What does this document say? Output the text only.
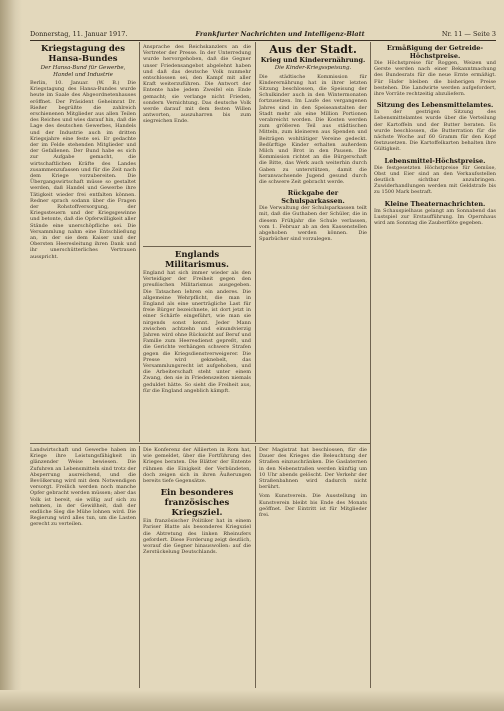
Donnerstag, 11. Januar 1917.	Frankfurter Nachrichten und Intelligenz-Blatt	Nr. 11 — Seite 3
Kriegstagung des Hansa-Bundes
Der Hansa-Bund für Gewerbe, Handel und Industrie
Berlin, 10. Januar. (W. B.) Die Kriegstagung des Hansa-Bundes wurde heute im Saale des Abgeordnetenhauses eröffnet. Der Präsident Geheimrat Dr. Rießer begrüßte die zahlreich erschienenen Mitglieder aus allen Teilen des Reiches und wies darauf hin, daß die Lage des deutschen Gewerbes, Handels und der Industrie auch im dritten Kriegsjahre eine feste sei. Er gedachte der im Felde stehenden Mitglieder und der Gefallenen. Der Bund habe es sich zur Aufgabe gemacht, die wirtschaftlichen Kräfte des Landes zusammenzufassen und für die Zeit nach dem Kriege vorzubereiten. Die Übergangswirtschaft müsse so gestaltet werden, daß Handel und Gewerbe ihre Tätigkeit wieder frei entfalten können. Redner sprach sodann über die Fragen der Rohstoffversorgung, der Kriegssteuern und der Kriegsgewinne und betonte, daß die Opferwilligkeit aller Stände eine unerschöpfliche sei. Die Versammlung nahm eine Entschließung an, in der sie dem Kaiser und der Obersten Heeresleitung ihren Dank und ihr unerschütterliches Vertrauen ausspricht.
Ansprache des Reichskanzlers an die Vertreter der Presse. In der Unterredung wurde hervorgehoben, daß die Gegner unser Friedensangebot abgelehnt haben und daß das deutsche Volk nunmehr entschlossen sei, den Kampf mit aller Kraft weiterzuführen. Die Antwort der Entente habe jedem Zweifel ein Ende gemacht; sie verlange nicht Frieden, sondern Vernichtung. Das deutsche Volk werde darauf mit dem festen Willen antworten, auszuharren bis zum siegreichen Ende.
Englands Militarismus.
England hat sich immer wieder als den Verteidiger der Freiheit gegen den preußischen Militarismus ausgegeben. Die Tatsachen lehren ein anderes. Die allgemeine Wehrpflicht, die man in England als eine unerträgliche Last für freie Bürger bezeichnete, ist dort jetzt in einer Schärfe eingeführt, wie man sie nirgends sonst kennt. Jeder Mann zwischen achtzehn und einundvierzig Jahren wird ohne Rücksicht auf Beruf und Familie zum Heeresdienst gepreßt, und die Gerichte verhängen schwere Strafen gegen die Kriegsdienstverweigerer. Die Presse wird geknebelt, das Versammlungsrecht ist aufgehoben, und die Arbeiterschaft steht unter einem Zwang, den sie in Friedenszeiten niemals geduldet hätte. So sieht die Freiheit aus, für die England angeblich kämpft.
Aus der Stadt.
Krieg und Kinderernährung.
Die Kinder-Kriegsspeisung.
Die städtische Kommission für Kinderernährung hat in ihrer letzten Sitzung beschlossen, die Speisung der Schulkinder auch in den Wintermonaten fortzusetzen. Im Laufe des vergangenen Jahres sind in den Speiseanstalten der Stadt mehr als eine Million Portionen verabreicht worden. Die Kosten werden zum größeren Teil aus städtischen Mitteln, zum kleineren aus Spenden und Beiträgen wohltätiger Vereine gedeckt. Bedürftige Kinder erhalten außerdem Milch und Brot in den Pausen. Die Kommission richtet an die Bürgerschaft die Bitte, das Werk auch weiterhin durch Gaben zu unterstützen, damit die heranwachsende Jugend gesund durch die schwere Zeit gebracht werde.
Rückgabe der Schulsparkassen.
Die Verwaltung der Schulsparkassen teilt mit, daß die Guthaben der Schüler, die in diesem Frühjahr die Schule verlassen, vom 1. Februar ab an den Kassenstellen abgehoben werden können. Die Sparbücher sind vorzulegen.
Ermäßigung der Getreide-Höchstpreise.
Die Höchstpreise für Roggen, Weizen und Gerste werden nach einer Bekanntmachung des Bundesrats für die neue Ernte ermäßigt. Für Hafer bleiben die bisherigen Preise bestehen. Die Landwirte werden aufgefordert, ihre Vorräte rechtzeitig abzuliefern.
Sitzung des Lebensmittelamtes.
In der gestrigen Sitzung des Lebensmittelamtes wurde über die Verteilung der Kartoffeln und der Butter beraten. Es wurde beschlossen, die Butterration für die nächste Woche auf 60 Gramm für den Kopf festzusetzen. Die Kartoffelkarten behalten ihre Gültigkeit.
Lebensmittel-Höchstpreise.
Die festgesetzten Höchstpreise für Gemüse, Obst und Eier sind an den Verkaufsstellen deutlich sichtbar anzubringen. Zuwiderhandlungen werden mit Geldstrafe bis zu 1500 Mark bestraft.
Kleine Theaternachrichten.
Im Schauspielhaus gelangt am Sonnabend das Lustspiel zur Erstaufführung. Im Opernhaus wird am Sonntag die Zauberflöte gegeben.
Landwirtschaft und Gewerbe haben im Kriege ihre Leistungsfähigkeit in glänzender Weise bewiesen. Die Zufuhren an Lebensmitteln sind trotz der Absperrung ausreichend, und die Bevölkerung wird mit dem Notwendigen versorgt. Freilich werden noch manche Opfer gebracht werden müssen; aber das Volk ist bereit, sie willig auf sich zu nehmen, in der Gewißheit, daß der endliche Sieg die Mühe lohnen wird. Die Regierung wird alles tun, um die Lasten gerecht zu verteilen.
Die Konferenz der Alliierten in Rom hat, wie gemeldet, über die Fortführung des Krieges beraten. Die Blätter der Entente rühmen die Einigkeit der Verbündeten, doch zeigen sich in ihren Äußerungen bereits tiefe Gegensätze.
Ein besonderes französisches Kriegsziel.
Ein französischer Politiker hat in einem Pariser Blatte als besonderes Kriegsziel die Abtretung des linken Rheinufers gefordert. Diese Forderung zeigt deutlich, worauf die Gegner hinauswollen: auf die Zerstückelung Deutschlands.
Der Magistrat hat beschlossen, für die Dauer des Krieges die Beleuchtung der Straßen einzuschränken. Die Gaslaternen in den Nebenstraßen werden künftig um 10 Uhr abends gelöscht. Der Verkehr der Straßenbahnen wird dadurch nicht berührt.
Vom Kunstverein. Die Ausstellung im Kunstverein bleibt bis Ende des Monats geöffnet. Der Eintritt ist für Mitglieder frei.
